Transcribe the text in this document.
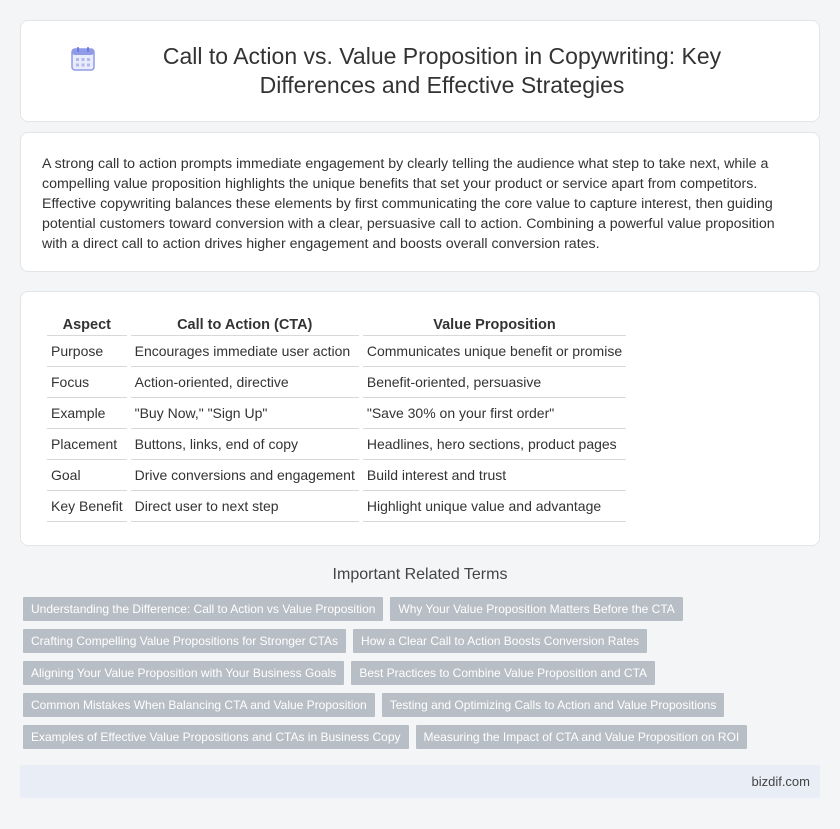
Call to Action vs. Value Proposition in Copywriting: Key Differences and Effective Strategies

A strong call to action prompts immediate engagement by clearly telling the audience what step to take next, while a compelling value proposition highlights the unique benefits that set your product or service apart from competitors. Effective copywriting balances these elements by first communicating the core value to capture interest, then guiding potential customers toward conversion with a clear, persuasive call to action. Combining a powerful value proposition with a direct call to action drives higher engagement and boosts overall conversion rates.

Aspect	Call to Action (CTA)	Value Proposition
Purpose	Encourages immediate user action	Communicates unique benefit or promise
Focus	Action-oriented, directive	Benefit-oriented, persuasive
Example	"Buy Now," "Sign Up"	"Save 30% on your first order"
Placement	Buttons, links, end of copy	Headlines, hero sections, product pages
Goal	Drive conversions and engagement	Build interest and trust
Key Benefit	Direct user to next step	Highlight unique value and advantage
Important Related Terms
Understanding the Difference: Call to Action vs Value Proposition	Why Your Value Proposition Matters Before the CTA
Crafting Compelling Value Propositions for Stronger CTAs	How a Clear Call to Action Boosts Conversion Rates
Aligning Your Value Proposition with Your Business Goals	Best Practices to Combine Value Proposition and CTA
Common Mistakes When Balancing CTA and Value Proposition	Testing and Optimizing Calls to Action and Value Propositions
Examples of Effective Value Propositions and CTAs in Business Copy	Measuring the Impact of CTA and Value Proposition on ROI
bizdif.com
